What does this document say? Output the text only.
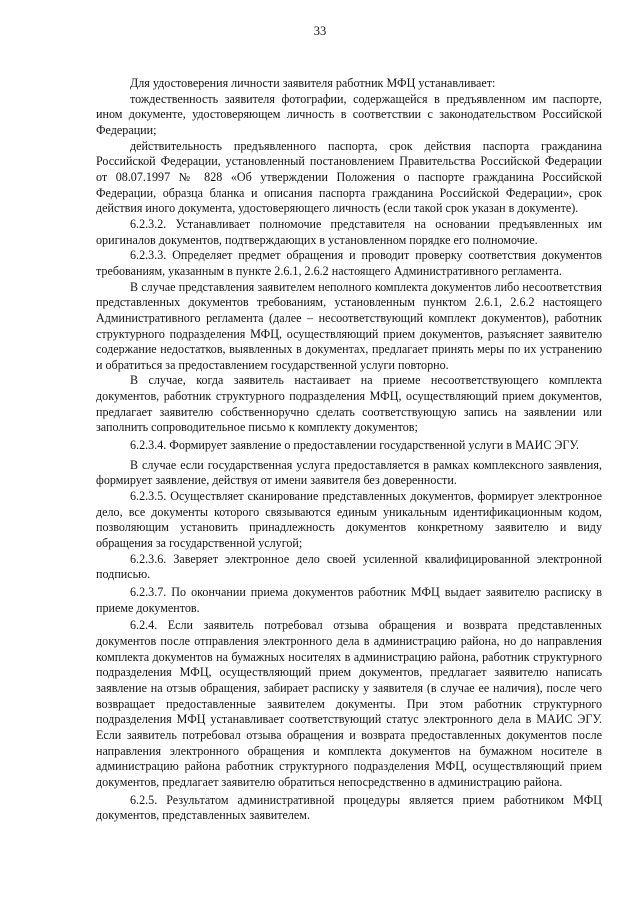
33

Для удостоверения личности заявителя работник МФЦ устанавливает:

тождественность заявителя фотографии, содержащейся в предъявленном им паспорте, ином документе, удостоверяющем личность в соответствии с законодательством Российской Федерации;

действительность предъявленного паспорта, срок действия паспорта гражданина Российской Федерации, установленный постановлением Правительства Российской Федерации от 08.07.1997 № 828 «Об утверждении Положения о паспорте гражданина Российской Федерации, образца бланка и описания паспорта гражданина Российской Федерации», срок действия иного документа, удостоверяющего личность (если такой срок указан в документе).

6.2.3.2. Устанавливает полномочие представителя на основании предъявленных им оригиналов документов, подтверждающих в установленном порядке его полномочие.

6.2.3.3. Определяет предмет обращения и проводит проверку соответствия документов требованиям, указанным в пункте 2.6.1, 2.6.2 настоящего Административного регламента.

В случае представления заявителем неполного комплекта документов либо несоответствия представленных документов требованиям, установленным пунктом 2.6.1, 2.6.2 настоящего Административного регламента (далее – несоответствующий комплект документов), работник структурного подразделения МФЦ, осуществляющий прием документов, разъясняет заявителю содержание недостатков, выявленных в документах, предлагает принять меры по их устранению и обратиться за предоставлением государственной услуги повторно.

В случае, когда заявитель настаивает на приеме несоответствующего комплекта документов, работник структурного подразделения МФЦ, осуществляющий прием документов, предлагает заявителю собственноручно сделать соответствующую запись на заявлении или заполнить сопроводительное письмо к комплекту документов;

6.2.3.4. Формирует заявление о предоставлении государственной услуги в МАИС ЭГУ.

В случае если государственная услуга предоставляется в рамках комплексного заявления, формирует заявление, действуя от имени заявителя без доверенности.

6.2.3.5. Осуществляет сканирование представленных документов, формирует электронное дело, все документы которого связываются единым уникальным идентификационным кодом, позволяющим установить принадлежность документов конкретному заявителю и виду обращения за государственной услугой;

6.2.3.6. Заверяет электронное дело своей усиленной квалифицированной электронной подписью.

6.2.3.7. По окончании приема документов работник МФЦ выдает заявителю расписку в приеме документов.

6.2.4. Если заявитель потребовал отзыва обращения и возврата представленных документов после отправления электронного дела в администрацию района, но до направления комплекта документов на бумажных носителях в администрацию района, работник структурного подразделения МФЦ, осуществляющий прием документов, предлагает заявителю написать заявление на отзыв обращения, забирает расписку у заявителя (в случае ее наличия), после чего возвращает предоставленные заявителем документы. При этом работник структурного подразделения МФЦ устанавливает соответствующий статус электронного дела в МАИС ЭГУ. Если заявитель потребовал отзыва обращения и возврата предоставленных документов после направления электронного обращения и комплекта документов на бумажном носителе в администрацию района работник структурного подразделения МФЦ, осуществляющий прием документов, предлагает заявителю обратиться непосредственно в администрацию района.

6.2.5. Результатом административной процедуры является прием работником МФЦ документов, представленных заявителем.
